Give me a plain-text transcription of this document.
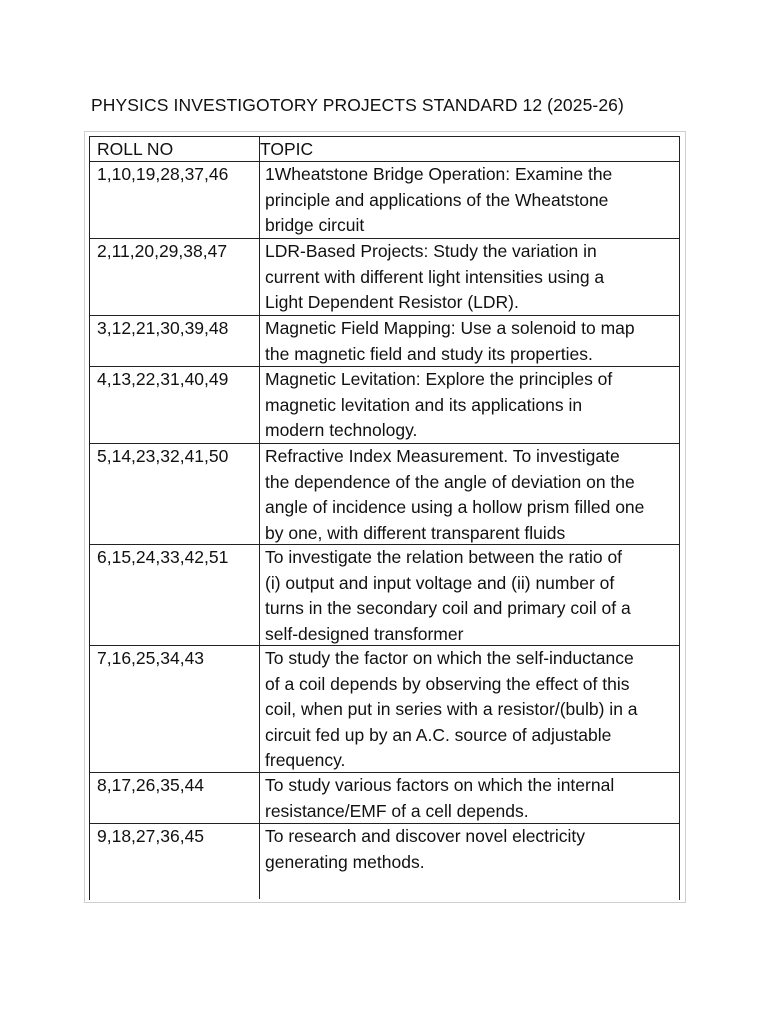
PHYSICS INVESTIGOTORY PROJECTS STANDARD 12 (2025-26)
ROLL NO	TOPIC
1,10,19,28,37,46 1Wheatstone Bridge Operation: Examine the
principle and applications of the Wheatstone
bridge circuit
2,11,20,29,38,47 LDR-Based Projects: Study the variation in
current with different light intensities using a
Light Dependent Resistor (LDR).
3,12,21,30,39,48 Magnetic Field Mapping: Use a solenoid to map
the magnetic field and study its properties.
4,13,22,31,40,49 Magnetic Levitation: Explore the principles of
magnetic levitation and its applications in
modern technology.
5,14,23,32,41,50 Refractive Index Measurement. To investigate
the dependence of the angle of deviation on the
angle of incidence using a hollow prism filled one
by one, with different transparent fluids
6,15,24,33,42,51 To investigate the relation between the ratio of
(i) output and input voltage and (ii) number of
turns in the secondary coil and primary coil of a
self-designed transformer
7,16,25,34,43	To study the factor on which the self-inductance
of a coil depends by observing the effect of this
coil, when put in series with a resistor/(bulb) in a
circuit fed up by an A.C. source of adjustable
frequency.
8,17,26,35,44	To study various factors on which the internal
resistance/EMF of a cell depends.
9,18,27,36,45	To research and discover novel electricity
generating methods.
